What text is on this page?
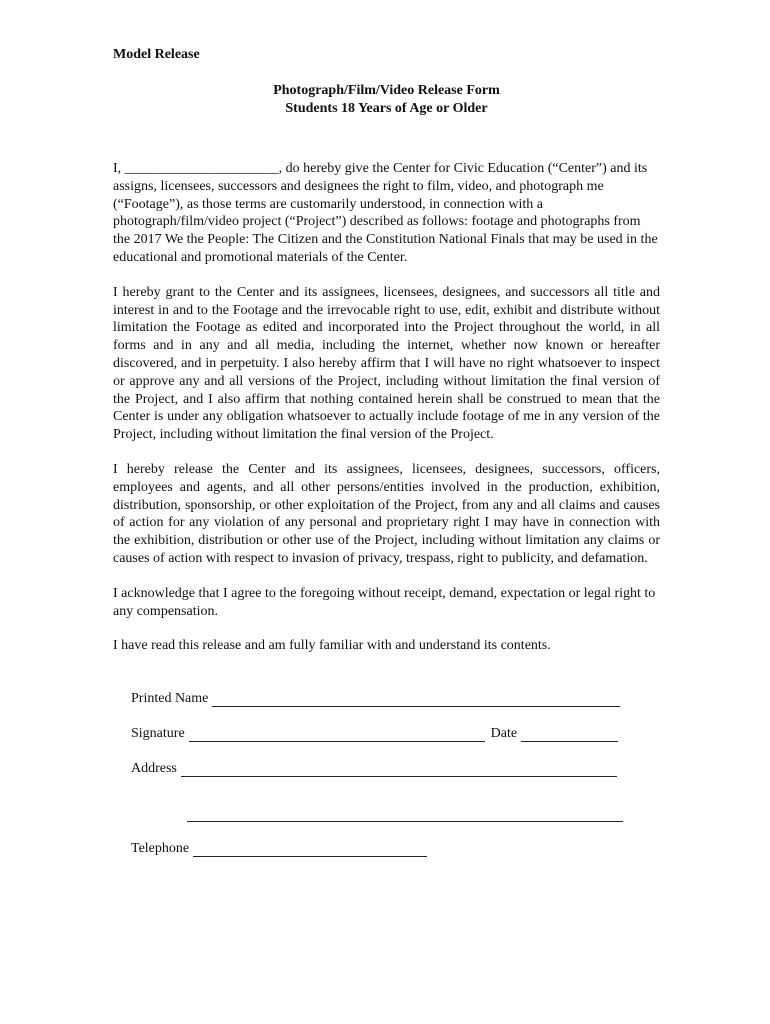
Model Release
Photograph/Film/Video Release Form
Students 18 Years of Age or Older

I, ______________________, do hereby give the Center for Civic Education (“Center”) and its assigns, licensees, successors and designees the right to film, video, and photograph me (“Footage”), as those terms are customarily understood, in connection with a photograph/film/video project (“Project”) described as follows: footage and photographs from the 2017 We the People: The Citizen and the Constitution National Finals that may be used in the educational and promotional materials of the Center.

I hereby grant to the Center and its assignees, licensees, designees, and successors all title and interest in and to the Footage and the irrevocable right to use, edit, exhibit and distribute without limitation the Footage as edited and incorporated into the Project throughout the world, in all forms and in any and all media, including the internet, whether now known or hereafter discovered, and in perpetuity. I also hereby affirm that I will have no right whatsoever to inspect or approve any and all versions of the Project, including without limitation the final version of the Project, and I also affirm that nothing contained herein shall be construed to mean that the Center is under any obligation whatsoever to actually include footage of me in any version of the Project, including without limitation the final version of the Project.

I hereby release the Center and its assignees, licensees, designees, successors, officers, employees and agents, and all other persons/entities involved in the production, exhibition, distribution, sponsorship, or other exploitation of the Project, from any and all claims and causes of action for any violation of any personal and proprietary right I may have in connection with the exhibition, distribution or other use of the Project, including without limitation any claims or causes of action with respect to invasion of privacy, trespass, right to publicity, and defamation.

I acknowledge that I agree to the foregoing without receipt, demand, expectation or legal right to any compensation.

I have read this release and am fully familiar with and understand its contents.

Printed Name
Signature	Date
Address
Telephone
